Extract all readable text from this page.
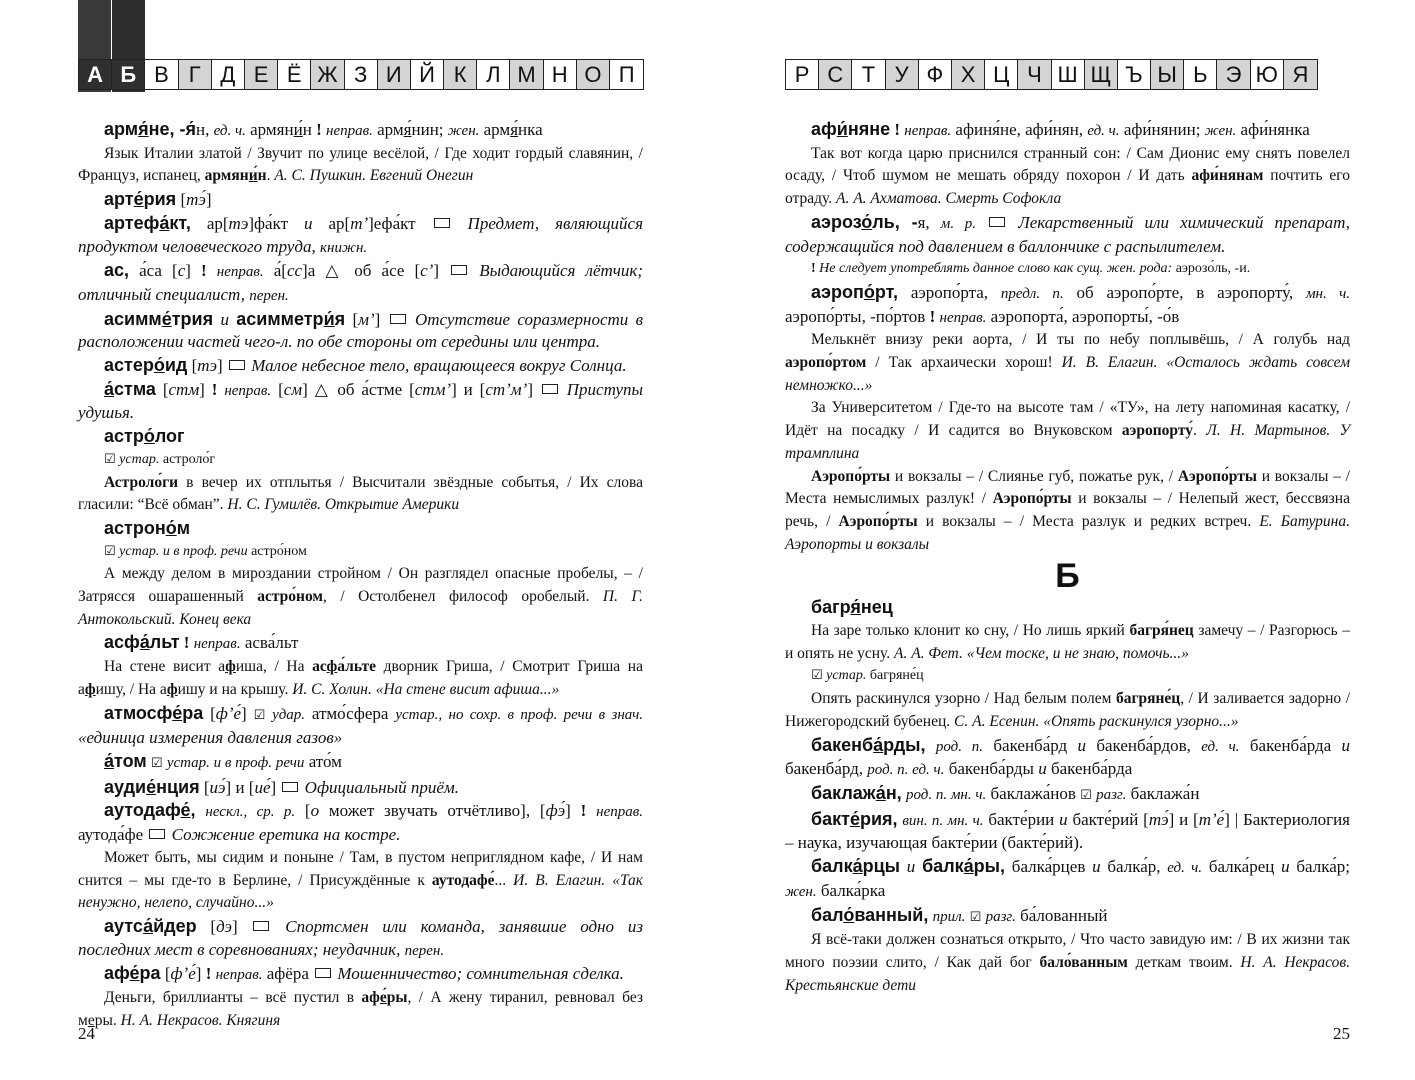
А Б В Г Д Е Ё Ж З И Й К Л М Н О П

армя́не, -я́н, ед. ч. армяни́н ! неправ. армя́нин; жен. армя́нка

Язык Италии златой / Звучит по улице весёлой, / Где ходит гордый славянин, / Француз, испанец, армяни́н. А. С. Пушкин. Евгений Онегин

арте́рия [тэ́]

артефа́кт, ар[тэ]фа́кт и ар[тʼ]ефа́кт  Предмет, являющийся продуктом человеческого труда, книжн.

ас, а́са [с] ! неправ. а́[сс]а △ об а́се [сʼ]  Выдающийся лётчик; отличный специалист, перен.

асимме́трия и асимметри́я [мʼ]  Отсутствие соразмерности в расположении частей чего-л. по обе стороны от середины или центра.

астеро́ид [тэ]  Малое небесное тело, вращающееся вокруг Солнца.

а́стма [стм] ! неправ. [см] △ об а́стме [стмʼ] и [стʼмʼ]  Приступы удушья.

астро́лог

☑ устар. астроло́г

Астроло́ги в вечер их отплытья / Высчитали звёздные событья, / Их слова гласили: “Всё обман”. Н. С. Гумилёв. Открытие Америки

астроно́м

☑ устар. и в проф. речи астро́ном

А между делом в мироздании стройном / Он разглядел опасные пробелы, – / Затрясся ошарашенный астро́ном, / Остолбенел философ оробелый. П. Г. Антокольский. Конец века

асфа́льт ! неправ. асва́льт

На стене висит афиша, / На асфа́льте дворник Гриша, / Смотрит Гриша на афишу, / На афишу и на крышу. И. С. Холин. «На стене висит афиша...»

атмосфе́ра [фʼе́] ☑ удар. атмо́сфера устар., но сохр. в проф. речи в знач. «единица измерения давления газов»

а́том ☑ устар. и в проф. речи ато́м

аудие́нция [иэ́] и [ие́]  Официальный приём.

аутодафе́, нескл., ср. р. [о может звучать отчётливо], [фэ́] ! неправ. аутода́фе  Сожжение еретика на костре.

Может быть, мы сидим и поныне / Там, в пустом неприглядном кафе, / И нам снится – мы где-то в Берлине, / Присуждённые к аутодафе́... И. В. Елагин. «Так ненужно, нелепо, случайно...»

аутса́йдер [дэ]  Спортсмен или команда, занявшие одно из последних мест в соревнованиях; неудачник, перен.

афе́ра [фʼе́] ! неправ. афёра  Мошенничество; сомнительная сделка.

Деньги, бриллианты – всё пустил в афе́ры, / А жену тиранил, ревновал без меры. Н. А. Некрасов. Княгиня

24
Р С Т У Ф Х Ц Ч Ш Щ Ъ Ы Ь Э Ю Я

афи́няне ! неправ. афиня́не, афи́нян, ед. ч. афи́нянин; жен. афи́нянка

Так вот когда царю приснился странный сон: / Сам Дионис ему снять повелел осаду, / Чтоб шумом не мешать обряду похорон / И дать афи́нянам почтить его отраду. А. А. Ахматова. Смерть Софокла

аэрозо́ль, -я, м. р. Лекарственный или химический препарат, содержащийся под давлением в баллончике с распылителем.

! Не следует употреблять данное слово как сущ. жен. рода: аэрозо́ль, -и.

аэропо́рт, аэропо́рта, предл. п. об аэропо́рте, в аэропорту́, мн. ч. аэропо́рты, -по́ртов ! неправ. аэропорта́, аэропорты́, -о́в

Мелькнёт внизу реки аорта, / И ты по небу поплывёшь, / А голубь над аэропо́ртом / Так архаически хорош! И. В. Елагин. «Осталось ждать совсем немножко...»

За Университетом / Где-то на высоте там / «ТУ», на лету напоминая касатку, / Идёт на посадку / И садится во Внуковском аэропорту́. Л. Н. Мартынов. У трамплина

Аэропо́рты и вокзалы – / Слиянье губ, пожатье рук, / Аэропо́рты и вокзалы – / Места немыслимых разлук! / Аэропо́рты и вокзалы – / Нелепый жест, бессвязна речь, / Аэропо́рты и вокзалы – / Места разлук и редких встреч. Е. Батурина. Аэропорты и вокзалы

Б

багря́нец

На заре только клонит ко сну, / Но лишь яркий багря́нец замечу – / Разгорюсь – и опять не усну. А. А. Фет. «Чем тоске, и не знаю, помочь...»

☑ устар. багряне́ц

Опять раскинулся узорно / Над белым полем багряне́ц, / И заливается задорно / Нижегородский бубенец. С. А. Есенин. «Опять раскинулся узорно...»

бакенба́рды, род. п. бакенба́рд и бакенба́рдов, ед. ч. бакенба́рда и бакенба́рд, род. п. ед. ч. бакенба́рды и бакенба́рда

баклажа́н, род. п. мн. ч. баклажа́нов ☑ разг. баклажа́н

бакте́рия, вин. п. мн. ч. бакте́рии и бакте́рий [тэ́] и [тʼе́] | Бактериология – наука, изучающая бакте́рии (бакте́рий).

балка́рцы и балка́ры, балка́рцев и балка́р, ед. ч. балка́рец и балка́р; жен. балка́рка

бало́ванный, прил. ☑ разг. ба́лованный

Я всё-таки должен сознаться открыто, / Что часто завидую им: / В их жизни так много поэзии слито, / Как дай бог бало́ванным деткам твоим. Н. А. Некрасов. Крестьянские дети

25
